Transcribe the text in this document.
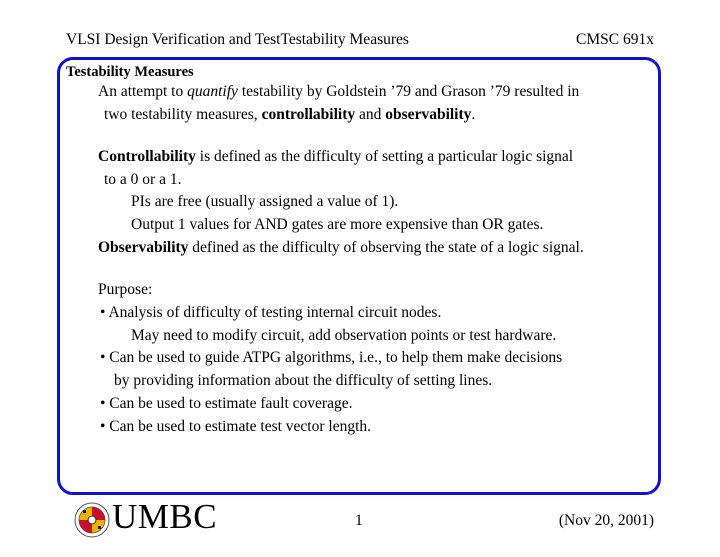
VLSI Design Verification and TestTestability Measures	CMSC 691x
Testability Measures
An attempt to quantify testability by Goldstein ’79 and Grason ’79 resulted in
two testability measures, controllability and observability.
Controllability is defined as the difficulty of setting a particular logic signal
to a 0 or a 1.
PIs are free (usually assigned a value of 1).
Output 1 values for AND gates are more expensive than OR gates.
Observability defined as the difficulty of observing the state of a logic signal.
Purpose:
• Analysis of difficulty of testing internal circuit nodes.
May need to modify circuit, add observation points or test hardware.
• Can be used to guide ATPG algorithms, i.e., to help them make decisions
by providing information about the difficulty of setting lines.
• Can be used to estimate fault coverage.
• Can be used to estimate test vector length.
UMBC	1	(Nov 20, 2001)
